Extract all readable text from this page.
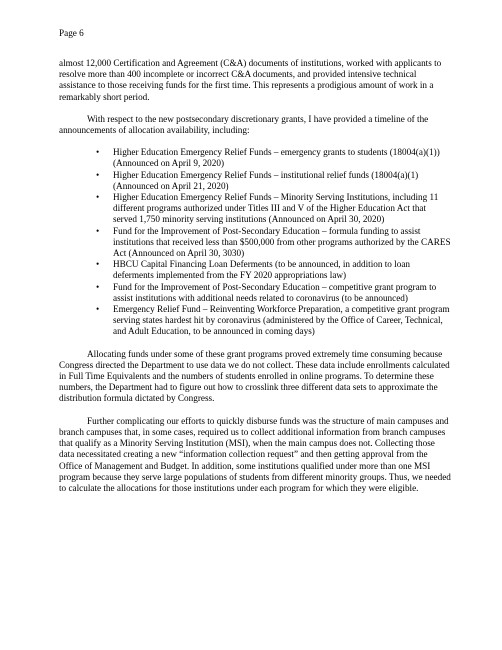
Page 6

almost 12,000 Certification and Agreement (C&A) documents of institutions, worked with applicants to resolve more than 400 incomplete or incorrect C&A documents, and provided intensive technical assistance to those receiving funds for the first time. This represents a prodigious amount of work in a remarkably short period.

With respect to the new postsecondary discretionary grants, I have provided a timeline of the announcements of allocation availability, including:

• Higher Education Emergency Relief Funds – emergency grants to students (18004(a)(1)) (Announced on April 9, 2020)
• Higher Education Emergency Relief Funds – institutional relief funds (18004(a)(1) (Announced on April 21, 2020)
• Higher Education Emergency Relief Funds – Minority Serving Institutions, including 11 different programs authorized under Titles III and V of the Higher Education Act that served 1,750 minority serving institutions (Announced on April 30, 2020)
• Fund for the Improvement of Post-Secondary Education – formula funding to assist institutions that received less than $500,000 from other programs authorized by the CARES Act (Announced on April 30, 3030)
• HBCU Capital Financing Loan Deferments (to be announced, in addition to loan deferments implemented from the FY 2020 appropriations law)
• Fund for the Improvement of Post-Secondary Education – competitive grant program to assist institutions with additional needs related to coronavirus (to be announced)
• Emergency Relief Fund – Reinventing Workforce Preparation, a competitive grant program serving states hardest hit by coronavirus (administered by the Office of Career, Technical, and Adult Education, to be announced in coming days)

Allocating funds under some of these grant programs proved extremely time consuming because Congress directed the Department to use data we do not collect. These data include enrollments calculated in Full Time Equivalents and the numbers of students enrolled in online programs. To determine these numbers, the Department had to figure out how to crosslink three different data sets to approximate the distribution formula dictated by Congress.

Further complicating our efforts to quickly disburse funds was the structure of main campuses and branch campuses that, in some cases, required us to collect additional information from branch campuses that qualify as a Minority Serving Institution (MSI), when the main campus does not. Collecting those data necessitated creating a new “information collection request” and then getting approval from the Office of Management and Budget. In addition, some institutions qualified under more than one MSI program because they serve large populations of students from different minority groups. Thus, we needed to calculate the allocations for those institutions under each program for which they were eligible.
